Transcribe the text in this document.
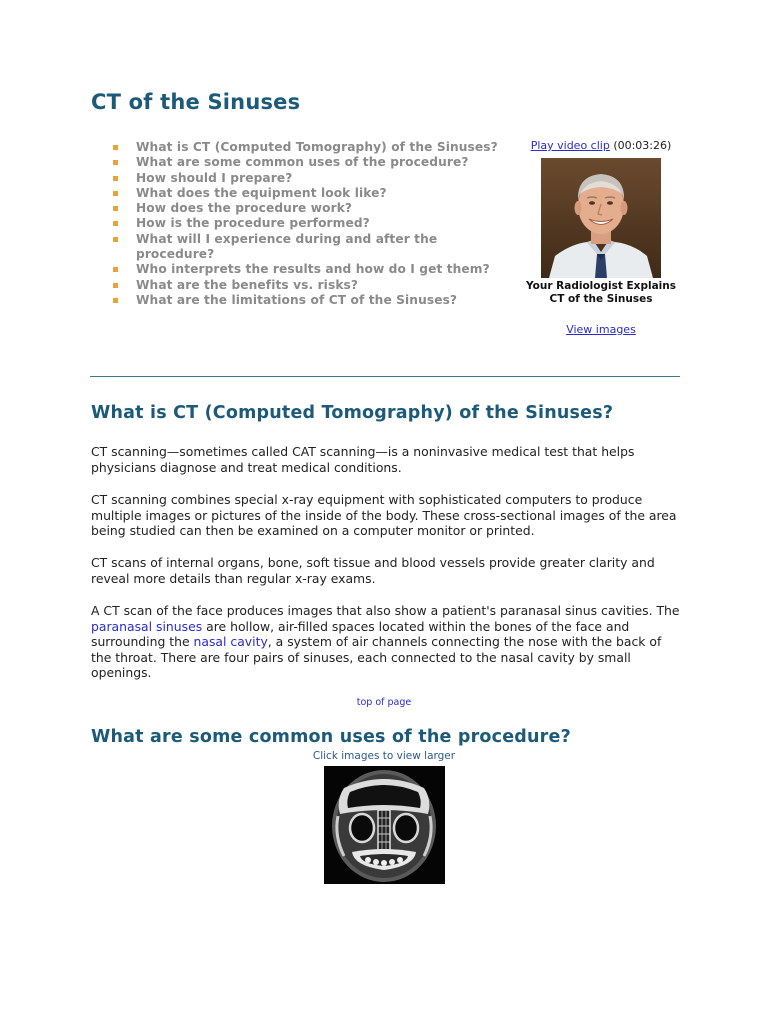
CT of the Sinuses
What is CT (Computed Tomography) of the Sinuses?
What are some common uses of the procedure?
How should I prepare?
What does the equipment look like?
How does the procedure work?
How is the procedure performed?
What will I experience during and after the procedure?
Who interprets the results and how do I get them?
What are the benefits vs. risks?
What are the limitations of CT of the Sinuses?
Play video clip (00:03:26)
Your Radiologist Explains
CT of the Sinuses
View images
What is CT (Computed Tomography) of the Sinuses?

CT scanning—sometimes called CAT scanning—is a noninvasive medical test that helps physicians diagnose and treat medical conditions.

CT scanning combines special x-ray equipment with sophisticated computers to produce multiple images or pictures of the inside of the body. These cross-sectional images of the area being studied can then be examined on a computer monitor or printed.

CT scans of internal organs, bone, soft tissue and blood vessels provide greater clarity and reveal more details than regular x-ray exams.

A CT scan of the face produces images that also show a patient's paranasal sinus cavities. The paranasal sinuses are hollow, air-filled spaces located within the bones of the face and surrounding the nasal cavity, a system of air channels connecting the nose with the back of the throat. There are four pairs of sinuses, each connected to the nasal cavity by small openings.

top of page
What are some common uses of the procedure?
Click images to view larger
